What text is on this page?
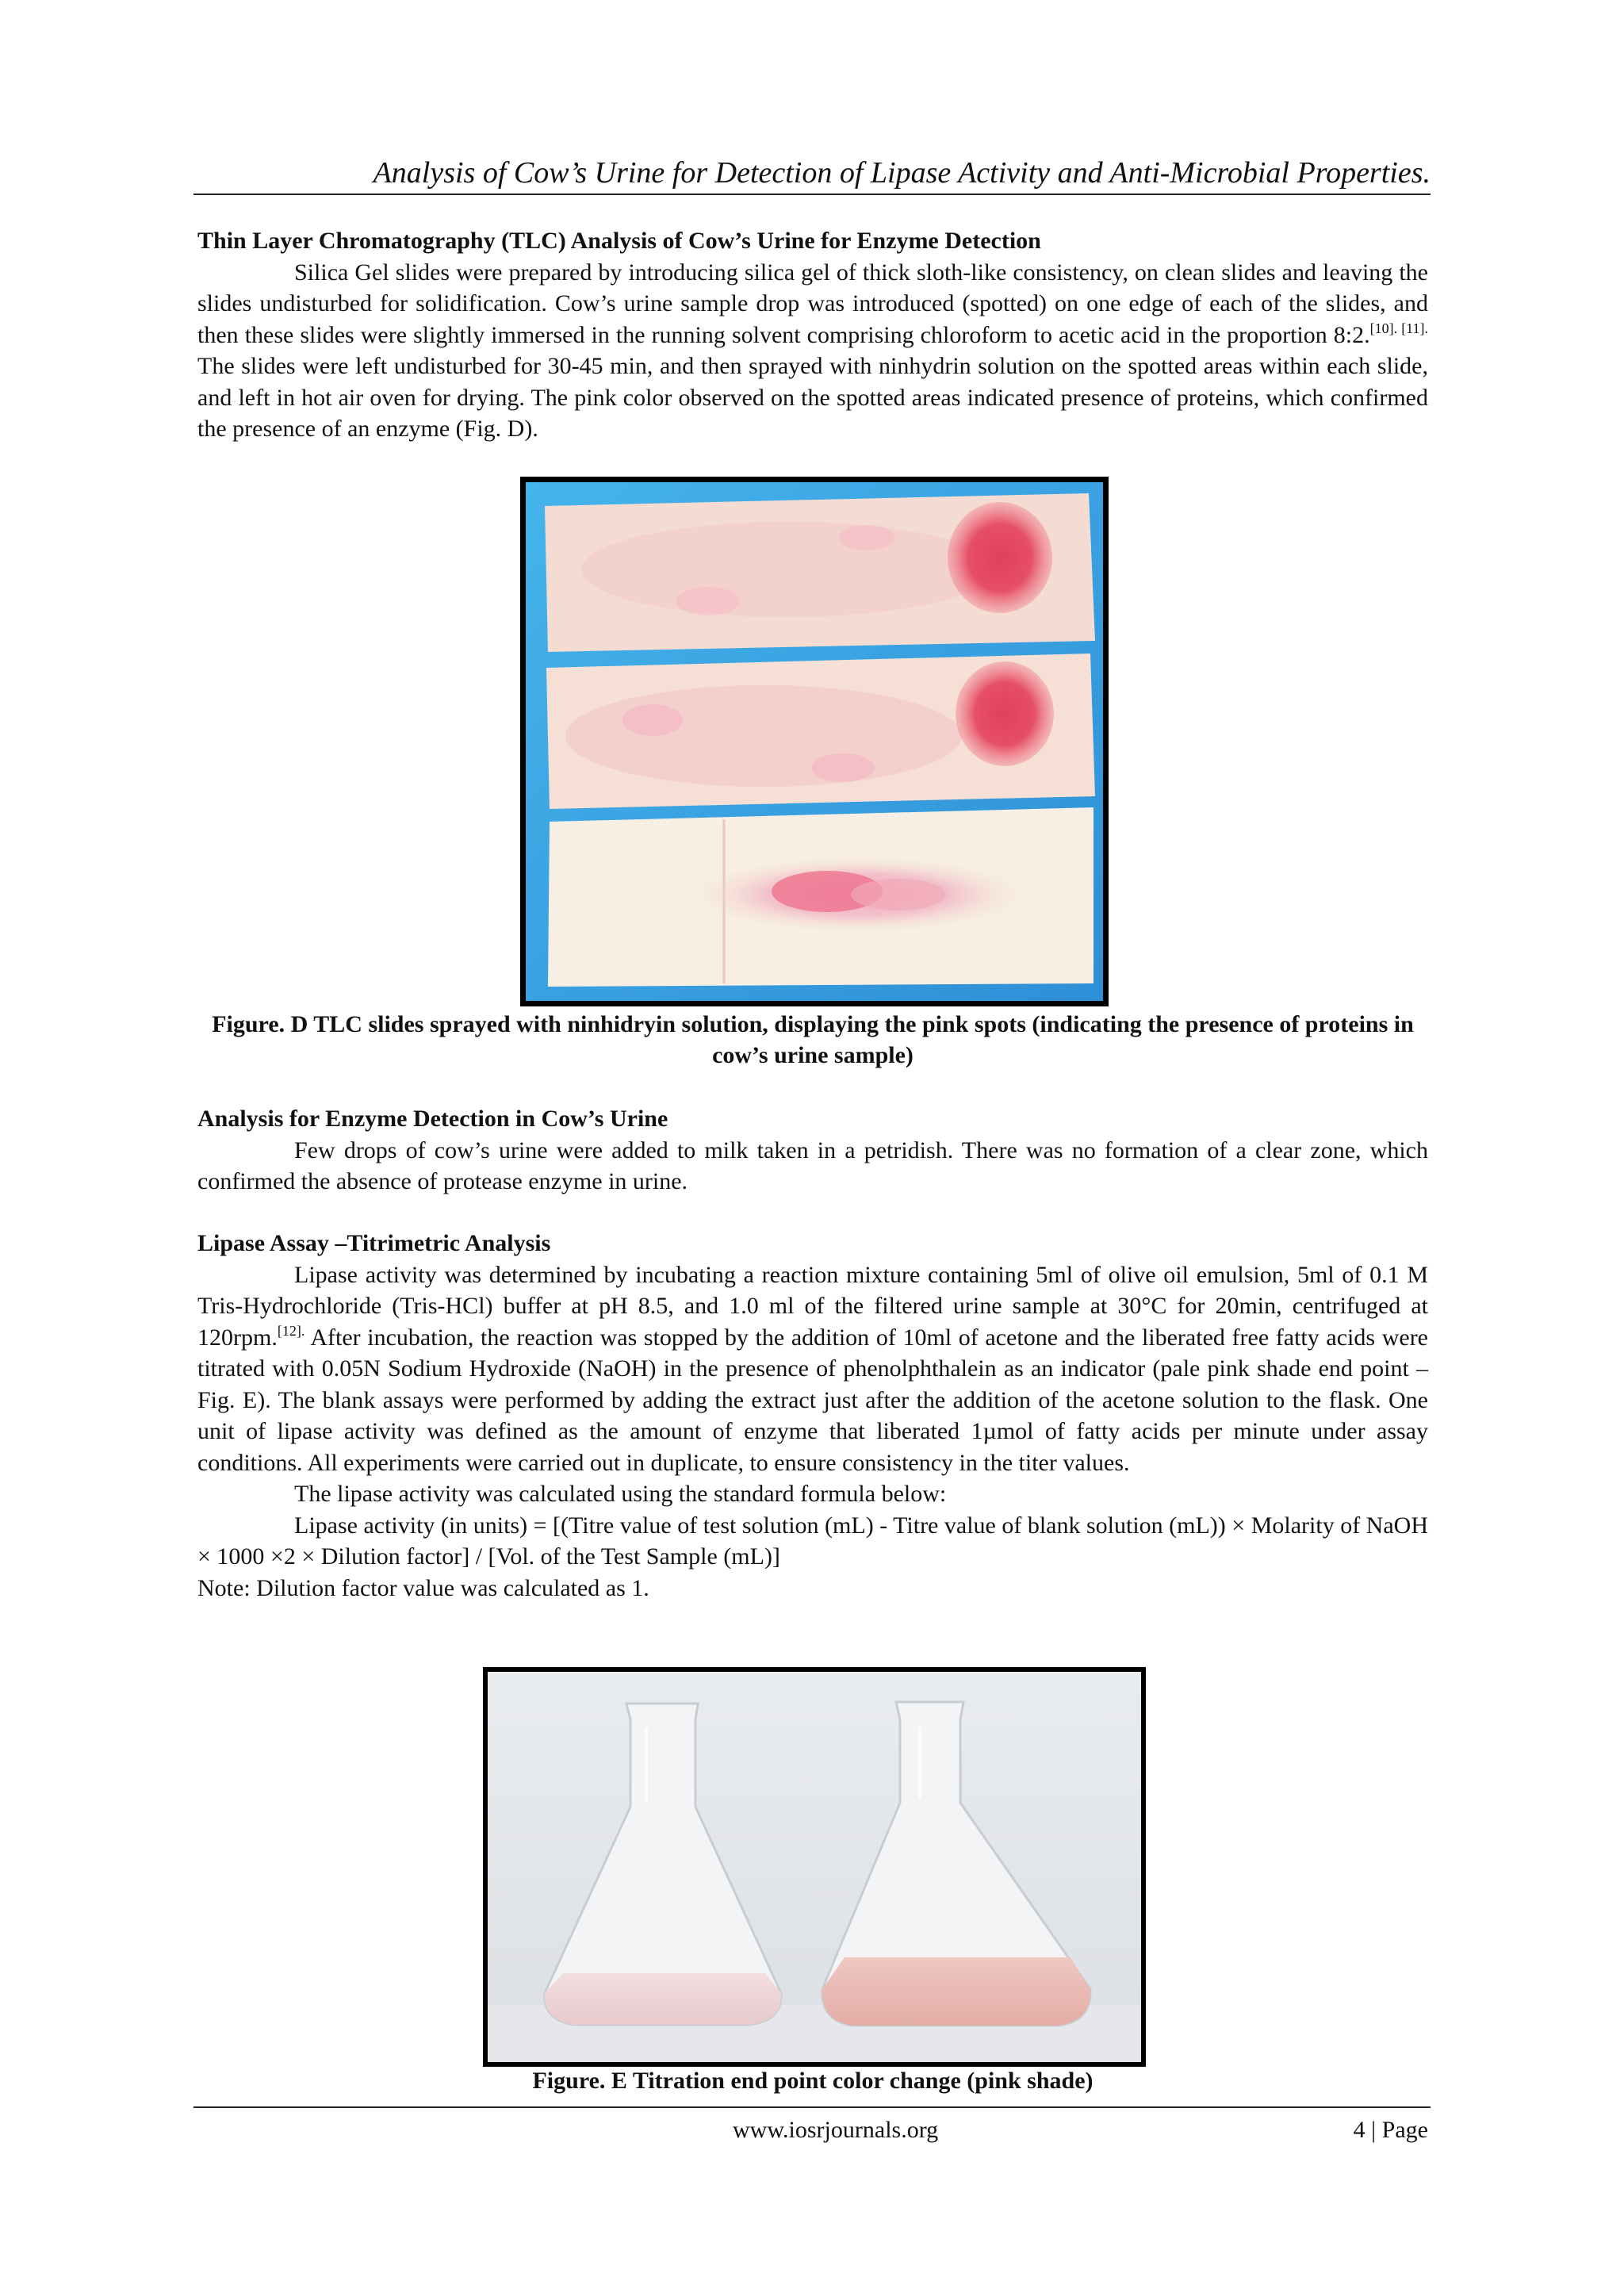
Analysis of Cow’s Urine for Detection of Lipase Activity and Anti-Microbial Properties.

Thin Layer Chromatography (TLC) Analysis of Cow’s Urine for Enzyme Detection

Silica Gel slides were prepared by introducing silica gel of thick sloth-like consistency, on clean slides and leaving the slides undisturbed for solidification. Cow’s urine sample drop was introduced (spotted) on one edge of each of the slides, and then these slides were slightly immersed in the running solvent comprising chloroform to acetic acid in the proportion 8:2.$^{[10]. [11].}$ The slides were left undisturbed for 30-45 min, and then sprayed with ninhydrin solution on the spotted areas within each slide, and left in hot air oven for drying. The pink color observed on the spotted areas indicated presence of proteins, which confirmed the presence of an enzyme (Fig. D).

Figure. D TLC slides sprayed with ninhidryin solution, displaying the pink spots (indicating the presence of proteins in cow’s urine sample)

Analysis for Enzyme Detection in Cow’s Urine

Few drops of cow’s urine were added to milk taken in a petridish. There was no formation of a clear zone, which confirmed the absence of protease enzyme in urine.

Lipase Assay –Titrimetric Analysis

Lipase activity was determined by incubating a reaction mixture containing 5ml of olive oil emulsion, 5ml of 0.1 M Tris-Hydrochloride (Tris-HCl) buffer at pH 8.5, and 1.0 ml of the filtered urine sample at 30°C for 20min, centrifuged at 120rpm.$^{[12].}$ After incubation, the reaction was stopped by the addition of 10ml of acetone and the liberated free fatty acids were titrated with 0.05N Sodium Hydroxide (NaOH) in the presence of phenolphthalein as an indicator (pale pink shade end point – Fig. E). The blank assays were performed by adding the extract just after the addition of the acetone solution to the flask. One unit of lipase activity was defined as the amount of enzyme that liberated 1µmol of fatty acids per minute under assay conditions. All experiments were carried out in duplicate, to ensure consistency in the titer values.

The lipase activity was calculated using the standard formula below:

Lipase activity (in units) = [(Titre value of test solution (mL) - Titre value of blank solution (mL)) × Molarity of NaOH × 1000 ×2 × Dilution factor] / [Vol. of the Test Sample (mL)]

Note: Dilution factor value was calculated as 1.

Figure. E Titration end point color change (pink shade)
www.iosrjournals.org	4 | Page
